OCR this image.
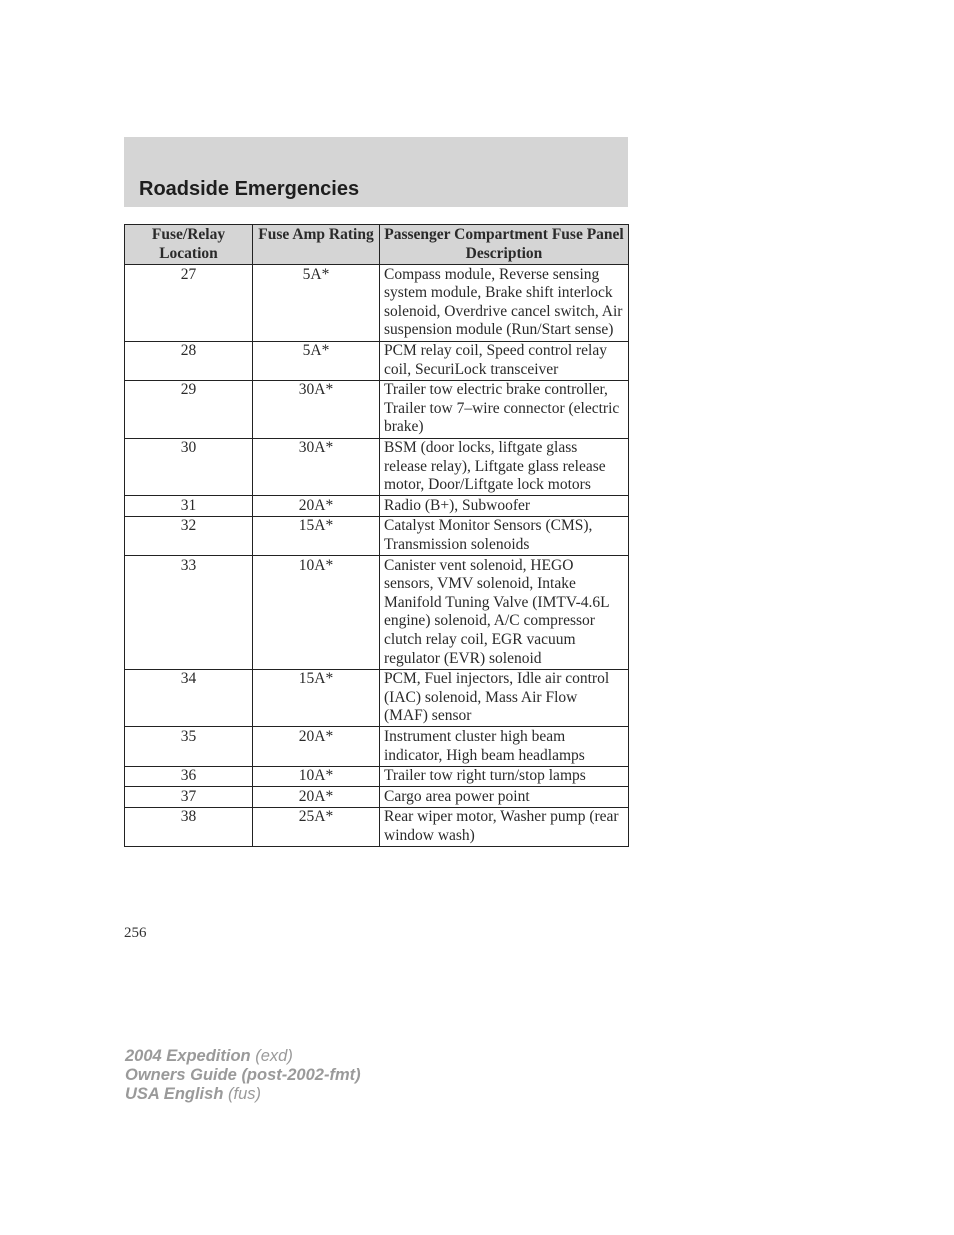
Roadside Emergencies
Fuse/Relay Location	Fuse Amp Rating	Passenger Compartment Fuse Panel Description
27	5A*	Compass module, Reverse sensing system module, Brake shift interlock solenoid, Overdrive cancel switch, Air suspension module (Run/Start sense)
28	5A*	PCM relay coil, Speed control relay coil, SecuriLock transceiver
29	30A*	Trailer tow electric brake controller, Trailer tow 7–wire connector (electric brake)
30	30A*	BSM (door locks, liftgate glass release relay), Liftgate glass release motor, Door/Liftgate lock motors
31	20A*	Radio (B+), Subwoofer
32	15A*	Catalyst Monitor Sensors (CMS), Transmission solenoids
33	10A*	Canister vent solenoid, HEGO sensors, VMV solenoid, Intake Manifold Tuning Valve (IMTV-4.6L engine) solenoid, A/C compressor clutch relay coil, EGR vacuum regulator (EVR) solenoid
34	15A*	PCM, Fuel injectors, Idle air control (IAC) solenoid, Mass Air Flow (MAF) sensor
35	20A*	Instrument cluster high beam indicator, High beam headlamps
36	10A*	Trailer tow right turn/stop lamps
37	20A*	Cargo area power point
38	25A*	Rear wiper motor, Washer pump (rear window wash)
256
2004 Expedition (exd)
Owners Guide (post-2002-fmt)
USA English (fus)
